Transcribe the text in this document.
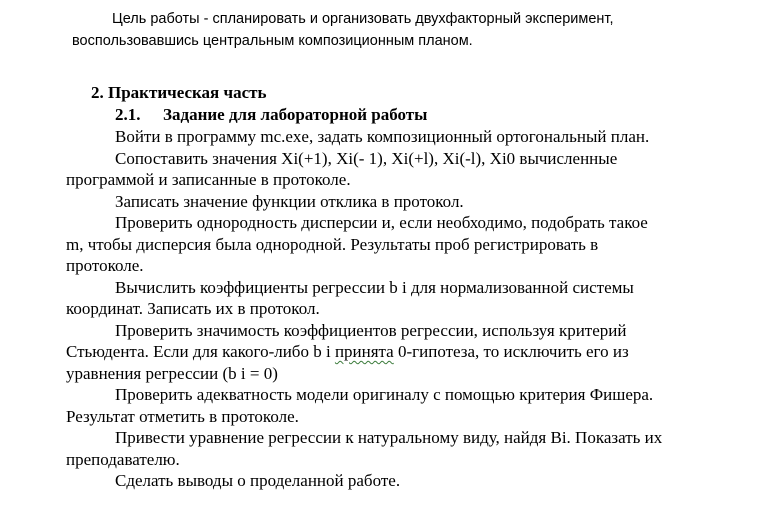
Цель работы - спланировать и организовать двухфакторный эксперимент,
воспользовавшись центральным композиционным планом.
2. Практическая часть
2.1. Задание для лабораторной работы
Войти в программу mc.exe, задать композиционный ортогональный план.
Сопоставить значения Xi(+1), Xi(- 1), Xi(+l), Xi(-l), Xi0 вычисленные
программой и записанные в протоколе.
Записать значение функции отклика в протокол.
Проверить однородность дисперсии и, если необходимо, подобрать такое
m, чтобы дисперсия была однородной. Результаты проб регистрировать в
протоколе.
Вычислить коэффициенты регрессии b i для нормализованной системы
координат. Записать их в протокол.
Проверить значимость коэффициентов регрессии, используя критерий
Стьюдента. Если для какого-либо b i принята 0-гипотеза, то исключить его из
уравнения регрессии (b i = 0)
Проверить адекватность модели оригиналу с помощью критерия Фишера.
Результат отметить в протоколе.
Привести уравнение регрессии к натуральному виду, найдя Bi. Показать их
преподавателю.
Сделать выводы о проделанной работе.
